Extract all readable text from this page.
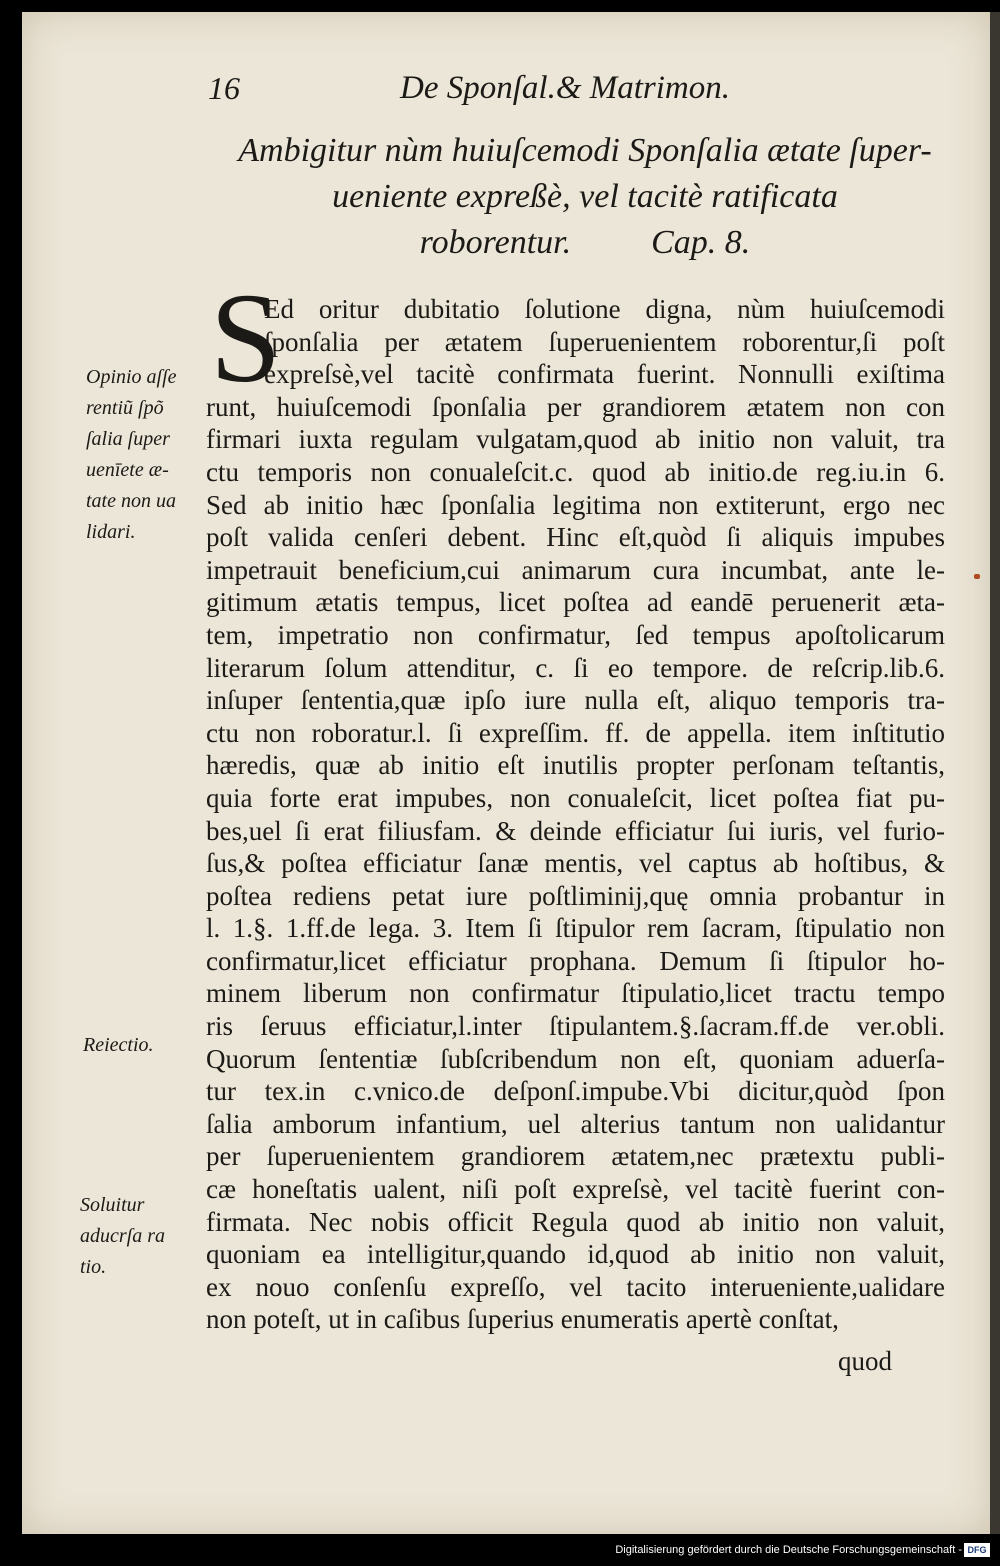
16	De Sponſal.& Matrimon.
Ambigitur nùm huiuſcemodi Sponſalia ætate ſuper-
ueniente expreßè, vel tacitè ratificata
roborentur. Cap. 8.
S
Ed oritur dubitatio ſolutione digna, nùm huiuſcemodi
ſponſalia per ætatem ſuperuenientem roborentur,ſi poſt
expreſsè,vel tacitè confirmata fuerint. Nonnulli exiſtima
runt, huiuſcemodi ſponſalia per grandiorem ætatem non con
firmari iuxta regulam vulgatam,quod ab initio non valuit, tra
ctu temporis non conualeſcit.c. quod ab initio.de reg.iu.in 6.
Sed ab initio hæc ſponſalia legitima non extiterunt, ergo nec
poſt valida cenſeri debent. Hinc eſt,quòd ſi aliquis impubes
impetrauit beneficium,cui animarum cura incumbat, ante le-
gitimum ætatis tempus, licet poſtea ad eandē peruenerit æta-
tem, impetratio non confirmatur, ſed tempus apoſtolicarum
literarum ſolum attenditur, c. ſi eo tempore. de reſcrip.lib.6.
inſuper ſententia,quæ ipſo iure nulla eſt, aliquo temporis tra-
ctu non roboratur.l. ſi expreſſim. ff. de appella. item inſtitutio
hæredis, quæ ab initio eſt inutilis propter perſonam teſtantis,
quia forte erat impubes, non conualeſcit, licet poſtea fiat pu-
bes,uel ſi erat filiusfam. & deinde efficiatur ſui iuris, vel furio-
ſus,& poſtea efficiatur ſanæ mentis, vel captus ab hoſtibus, &
poſtea rediens petat iure poſtliminij,quę omnia probantur in
l. 1.§. 1.ff.de lega. 3. Item ſi ſtipulor rem ſacram, ſtipulatio non
confirmatur,licet efficiatur prophana. Demum ſi ſtipulor ho-
minem liberum non confirmatur ſtipulatio,licet tractu tempo
ris ſeruus efficiatur,l.inter ſtipulantem.§.ſacram.ff.de ver.obli.
Quorum ſententiæ ſubſcribendum non eſt, quoniam aduerſa-
tur tex.in c.vnico.de deſponſ.impube.Vbi dicitur,quòd ſpon
ſalia amborum infantium, uel alterius tantum non ualidantur
per ſuperuenientem grandiorem ætatem,nec prætextu publi-
cæ honeſtatis ualent, niſi poſt expreſsè, vel tacitè fuerint con-
firmata. Nec nobis officit Regula quod ab initio non valuit,
quoniam ea intelligitur,quando id,quod ab initio non valuit,
ex nouo conſenſu expreſſo, vel tacito interueniente,ualidare
non poteſt, ut in caſibus ſuperius enumeratis apertè conſtat,
quod
Opinio aſſe
rentiũ ſpõ
ſalia ſuper
uenīete æ-
tate non ua
lidari.
Reiectio.
Soluitur
aducrſa ra
tio.
Digitalisierung gefördert durch die Deutsche Forschungsgemeinschaft - DFG
